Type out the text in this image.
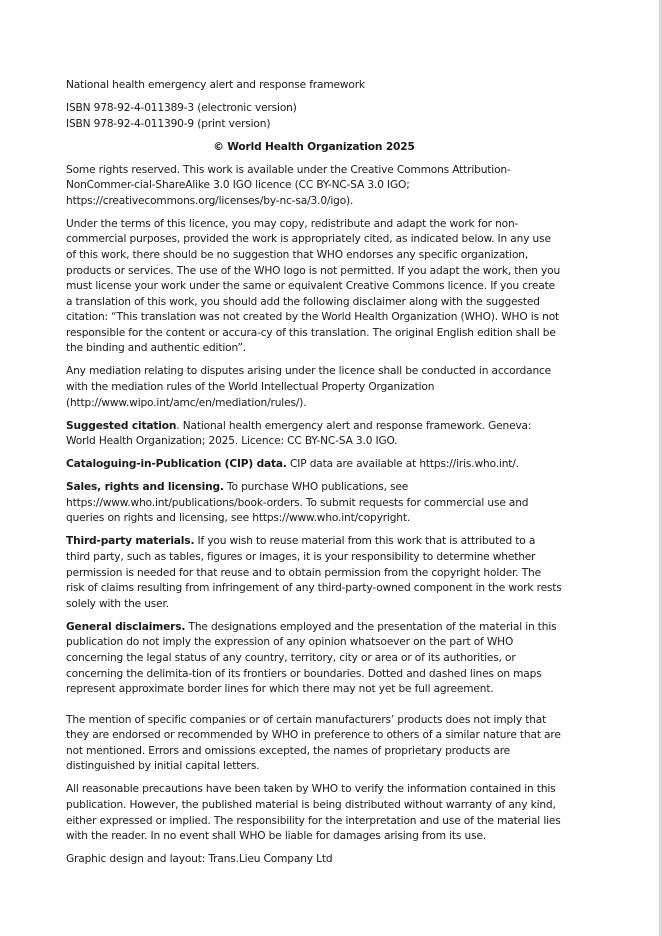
National health emergency alert and response framework

ISBN 978-92-4-011389-3 (electronic version)

ISBN 978-92-4-011390-9 (print version)

© World Health Organization 2025

Some rights reserved. This work is available under the Creative Commons Attribution-NonCommer-cial-ShareAlike 3.0 IGO licence (CC BY-NC-SA 3.0 IGO; https://creativecommons.org/licenses/by-nc-sa/3.0/igo).

Under the terms of this licence, you may copy, redistribute and adapt the work for non-commercial purposes, provided the work is appropriately cited, as indicated below. In any use of this work, there should be no suggestion that WHO endorses any specific organization, products or services. The use of the WHO logo is not permitted. If you adapt the work, then you must license your work under the same or equivalent Creative Commons licence. If you create a translation of this work, you should add the following disclaimer along with the suggested citation: “This translation was not created by the World Health Organization (WHO). WHO is not responsible for the content or accura-cy of this translation. The original English edition shall be the binding and authentic edition”.

Any mediation relating to disputes arising under the licence shall be conducted in accordance with the mediation rules of the World Intellectual Property Organization (http://www.wipo.int/amc/en/mediation/rules/).

Suggested citation. National health emergency alert and response framework. Geneva: World Health Organization; 2025. Licence: CC BY-NC-SA 3.0 IGO.

Cataloguing-in-Publication (CIP) data. CIP data are available at https://iris.who.int/.

Sales, rights and licensing. To purchase WHO publications, see https://www.who.int/publications/book-orders. To submit requests for commercial use and queries on rights and licensing, see https://www.who.int/copyright.

Third-party materials. If you wish to reuse material from this work that is attributed to a third party, such as tables, figures or images, it is your responsibility to determine whether permission is needed for that reuse and to obtain permission from the copyright holder. The risk of claims resulting from infringement of any third-party-owned component in the work rests solely with the user.

General disclaimers. The designations employed and the presentation of the material in this publication do not imply the expression of any opinion whatsoever on the part of WHO concerning the legal status of any country, territory, city or area or of its authorities, or concerning the delimita-tion of its frontiers or boundaries. Dotted and dashed lines on maps represent approximate border lines for which there may not yet be full agreement.

The mention of specific companies or of certain manufacturers’ products does not imply that they are endorsed or recommended by WHO in preference to others of a similar nature that are not mentioned. Errors and omissions excepted, the names of proprietary products are distinguished by initial capital letters.

All reasonable precautions have been taken by WHO to verify the information contained in this publication. However, the published material is being distributed without warranty of any kind, either expressed or implied. The responsibility for the interpretation and use of the material lies with the reader. In no event shall WHO be liable for damages arising from its use.

Graphic design and layout: Trans.Lieu Company Ltd
